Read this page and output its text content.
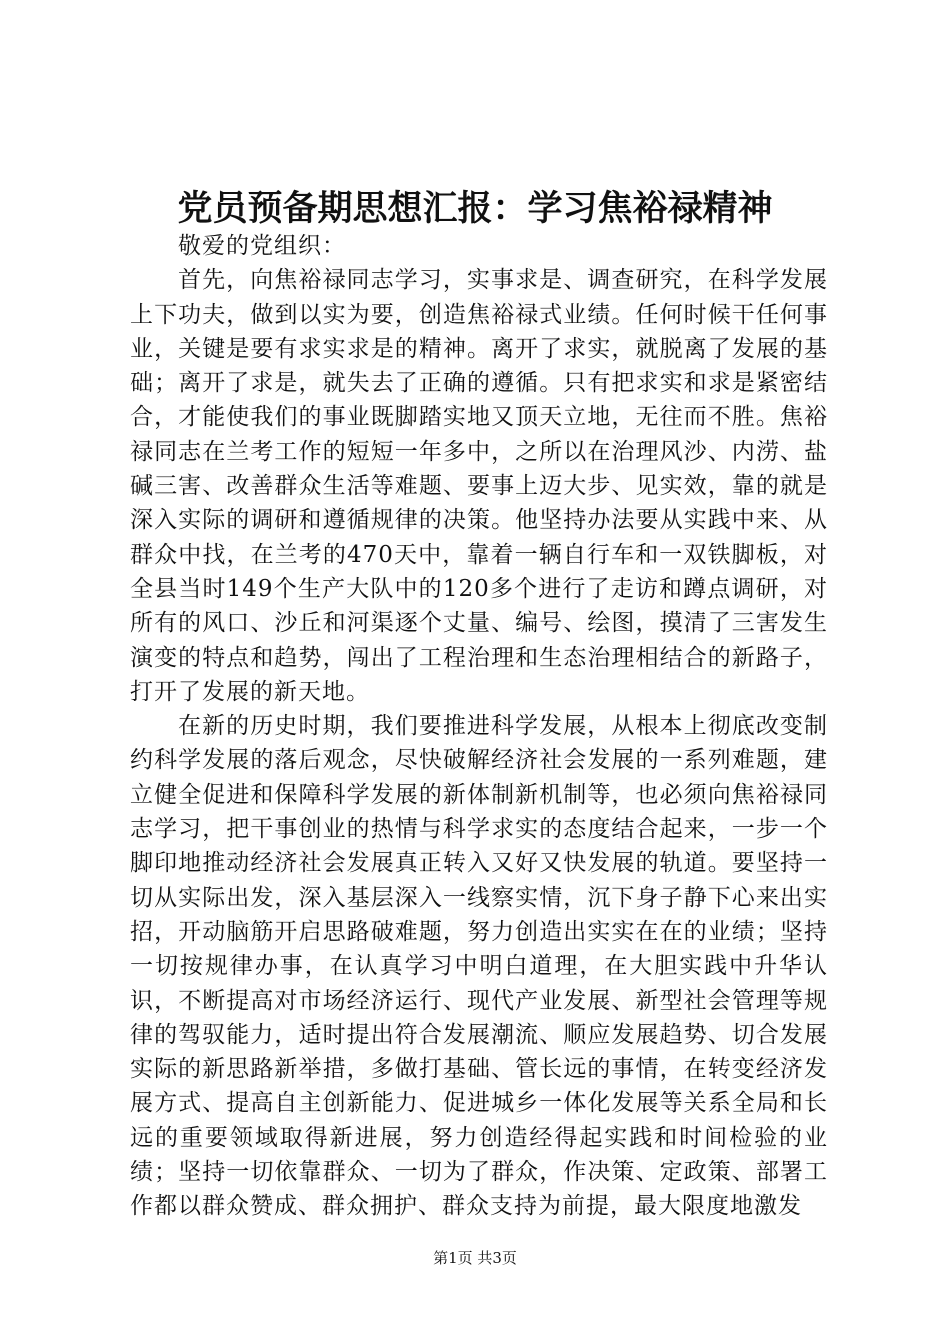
党员预备期思想汇报：学习焦裕禄精神

敬爱的党组织：

首先，向焦裕禄同志学习，实事求是、调查研究，在科学发展上下功夫，做到以实为要，创造焦裕禄式业绩。任何时候干任何事业，关键是要有求实求是的精神。离开了求实，就脱离了发展的基础；离开了求是，就失去了正确的遵循。只有把求实和求是紧密结合，才能使我们的事业既脚踏实地又顶天立地，无往而不胜。焦裕禄同志在兰考工作的短短一年多中，之所以在治理风沙、内涝、盐碱三害、改善群众生活等难题、要事上迈大步、见实效，靠的就是深入实际的调研和遵循规律的决策。他坚持办法要从实践中来、从群众中找，在兰考的470天中，靠着一辆自行车和一双铁脚板，对全县当时149个生产大队中的120多个进行了走访和蹲点调研，对所有的风口、沙丘和河渠逐个丈量、编号、绘图，摸清了三害发生演变的特点和趋势，闯出了工程治理和生态治理相结合的新路子，打开了发展的新天地。

在新的历史时期，我们要推进科学发展，从根本上彻底改变制约科学发展的落后观念，尽快破解经济社会发展的一系列难题，建立健全促进和保障科学发展的新体制新机制等，也必须向焦裕禄同志学习，把干事创业的热情与科学求实的态度结合起来，一步一个脚印地推动经济社会发展真正转入又好又快发展的轨道。要坚持一切从实际出发，深入基层深入一线察实情，沉下身子静下心来出实招，开动脑筋开启思路破难题，努力创造出实实在在的业绩；坚持一切按规律办事，在认真学习中明白道理，在大胆实践中升华认识，不断提高对市场经济运行、现代产业发展、新型社会管理等规律的驾驭能力，适时提出符合发展潮流、顺应发展趋势、切合发展实际的新思路新举措，多做打基础、管长远的事情，在转变经济发展方式、提高自主创新能力、促进城乡一体化发展等关系全局和长远的重要领域取得新进展，努力创造经得起实践和时间检验的业绩；坚持一切依靠群众、一切为了群众，作决策、定政策、部署工作都以群众赞成、群众拥护、群众支持为前提，最大限度地激发

第1页 共3页
